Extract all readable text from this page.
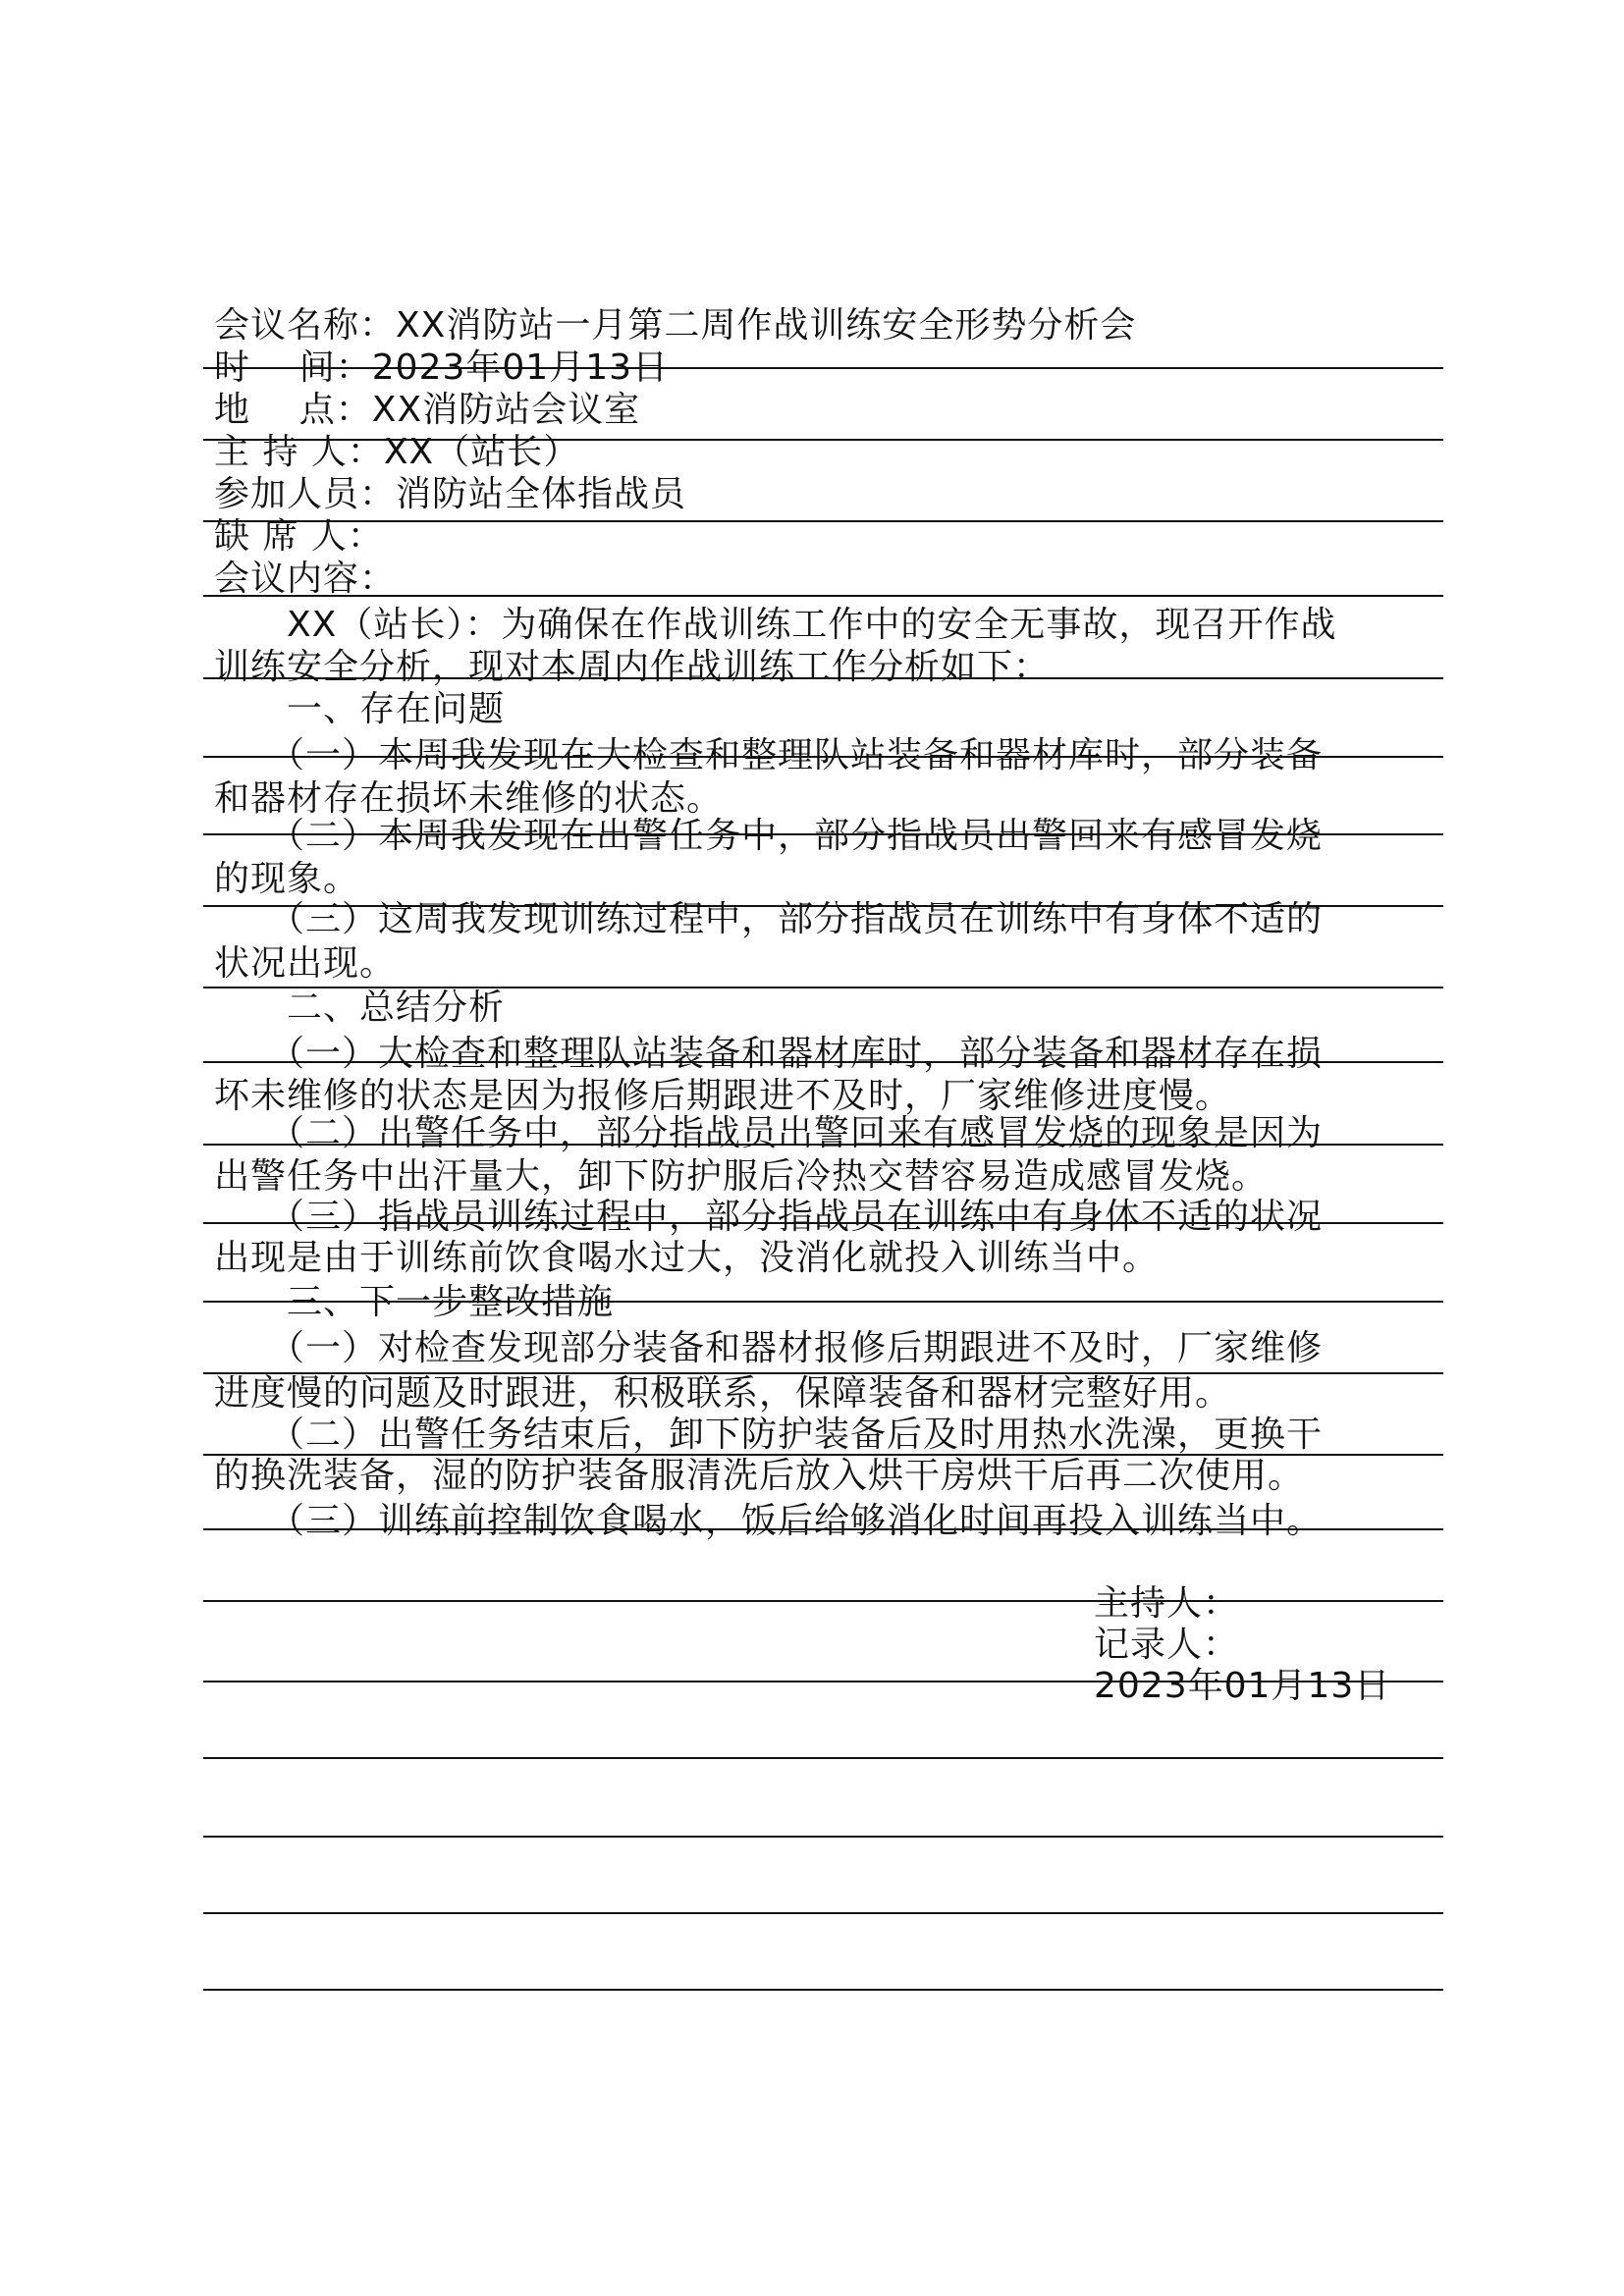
会议名称：XX消防站一月第二周作战训练安全形势分析会
时    间：2023年01月13日
地    点：XX消防站会议室
主 持 人：XX（站长）
参加人员：消防站全体指战员
缺 席 人：
会议内容：
　　XX（站长）：为确保在作战训练工作中的安全无事故，现召开作战
训练安全分析，现对本周内作战训练工作分析如下：
　　一、存在问题
　　（一）本周我发现在大检查和整理队站装备和器材库时，部分装备
和器材存在损坏未维修的状态。
　　（二）本周我发现在出警任务中，部分指战员出警回来有感冒发烧
的现象。
　　（三）这周我发现训练过程中，部分指战员在训练中有身体不适的
状况出现。
　　二、总结分析
　　（一）大检查和整理队站装备和器材库时，部分装备和器材存在损
坏未维修的状态是因为报修后期跟进不及时，厂家维修进度慢。
　　（二）出警任务中，部分指战员出警回来有感冒发烧的现象是因为
出警任务中出汗量大，卸下防护服后冷热交替容易造成感冒发烧。
　　（三）指战员训练过程中，部分指战员在训练中有身体不适的状况
出现是由于训练前饮食喝水过大，没消化就投入训练当中。
　　三、下一步整改措施
　　（一）对检查发现部分装备和器材报修后期跟进不及时，厂家维修
进度慢的问题及时跟进，积极联系，保障装备和器材完整好用。
　　（二）出警任务结束后，卸下防护装备后及时用热水洗澡，更换干
的换洗装备，湿的防护装备服清洗后放入烘干房烘干后再二次使用。
　　（三）训练前控制饮食喝水，饭后给够消化时间再投入训练当中。
主持人：
记录人：
2023年01月13日
